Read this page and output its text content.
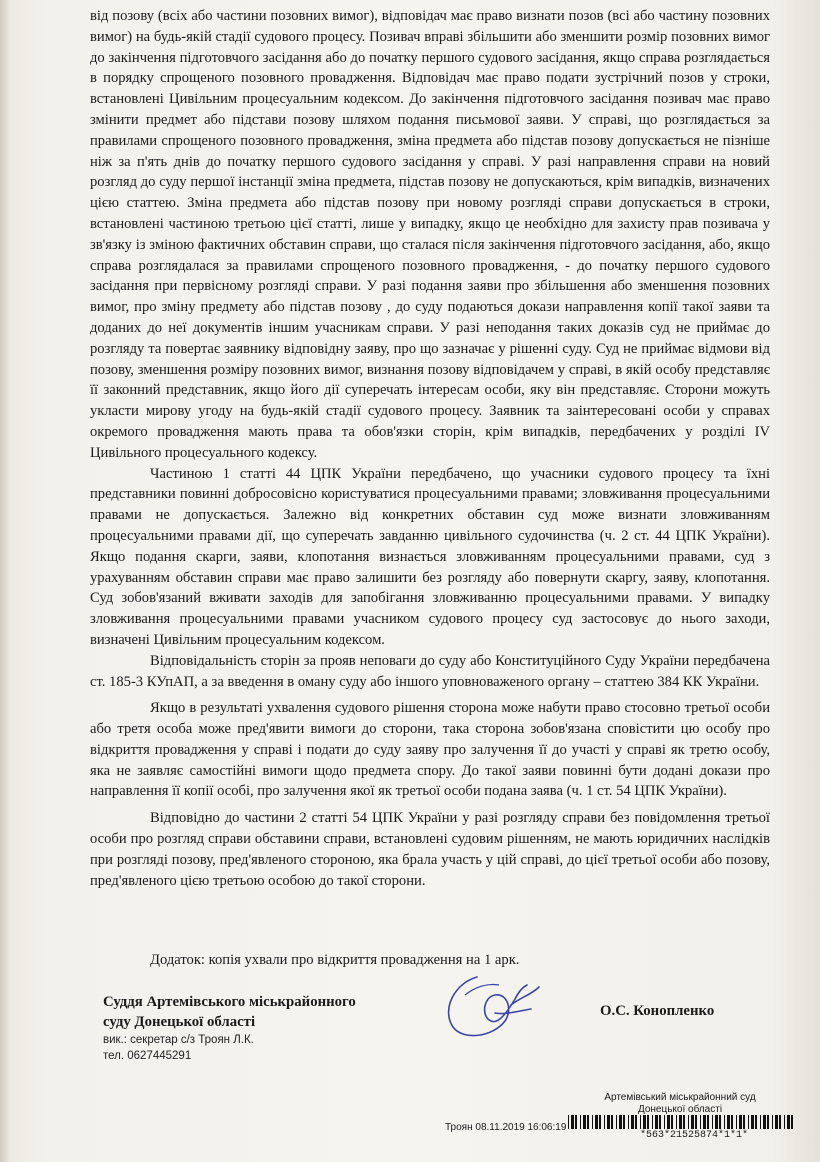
від позову (всіх або частини позовних вимог), відповідач має право визнати позов (всі або частину позовних вимог) на будь-якій стадії судового процесу. Позивач вправі збільшити або зменшити розмір позовних вимог до закінчення підготовчого засідання або до початку першого судового засідання, якщо справа розглядається в порядку спрощеного позовного провадження. Відповідач має право подати зустрічний позов у строки, встановлені Цивільним процесуальним кодексом. До закінчення підготовчого засідання позивач має право змінити предмет або підстави позову шляхом подання письмової заяви. У справі, що розглядається за правилами спрощеного позовного провадження, зміна предмета або підстав позову допускається не пізніше ніж за п'ять днів до початку першого судового засідання у справі. У разі направлення справи на новий розгляд до суду першої інстанції зміна предмета, підстав позову не допускаються, крім випадків, визначених цією статтею. Зміна предмета або підстав позову при новому розгляді справи допускається в строки, встановлені частиною третьою цієї статті, лише у випадку, якщо це необхідно для захисту прав позивача у зв'язку із зміною фактичних обставин справи, що сталася після закінчення підготовчого засідання, або, якщо справа розглядалася за правилами спрощеного позовного провадження, - до початку першого судового засідання при первісному розгляді справи. У разі подання заяви про збільшення або зменшення позовних вимог, про зміну предмету або підстав позову , до суду подаються докази направлення копії такої заяви та доданих до неї документів іншим учасникам справи. У разі неподання таких доказів суд не приймає до розгляду та повертає заявнику відповідну заяву, про що зазначає у рішенні суду. Суд не приймає відмови від позову, зменшення розміру позовних вимог, визнання позову відповідачем у справі, в якій особу представляє її законний представник, якщо його дії суперечать інтересам особи, яку він представляє. Сторони можуть укласти мирову угоду на будь-якій стадії судового процесу. Заявник та заінтересовані особи у справах окремого провадження мають права та обов'язки сторін, крім випадків, передбачених у розділі IV Цивільного процесуального кодексу.

Частиною 1 статті 44 ЦПК України передбачено, що учасники судового процесу та їхні представники повинні добросовісно користуватися процесуальними правами; зловживання процесуальними правами не допускається. Залежно від конкретних обставин суд може визнати зловживанням процесуальними правами дії, що суперечать завданню цивільного судочинства (ч. 2 ст. 44 ЦПК України). Якщо подання скарги, заяви, клопотання визнається зловживанням процесуальними правами, суд з урахуванням обставин справи має право залишити без розгляду або повернути скаргу, заяву, клопотання. Суд зобов'язаний вживати заходів для запобігання зловживанню процесуальними правами. У випадку зловживання процесуальними правами учасником судового процесу суд застосовує до нього заходи, визначені Цивільним процесуальним кодексом.

Відповідальність сторін за прояв неповаги до суду або Конституційного Суду України передбачена ст. 185-3 КУпАП, а за введення в оману суду або іншого уповноваженого органу – статтею 384 КК України.

Якщо в результаті ухвалення судового рішення сторона може набути право стосовно третьої особи або третя особа може пред'явити вимоги до сторони, така сторона зобов'язана сповістити цю особу про відкриття провадження у справі і подати до суду заяву про залучення її до участі у справі як третю особу, яка не заявляє самостійні вимоги щодо предмета спору. До такої заяви повинні бути додані докази про направлення її копії особі, про залучення якої як третьої особи подана заява (ч. 1 ст. 54 ЦПК України).

Відповідно до частини 2 статті 54 ЦПК України у разі розгляду справи без повідомлення третьої особи про розгляд справи обставини справи, встановлені судовим рішенням, не мають юридичних наслідків при розгляді позову, пред'явленого стороною, яка брала участь у цій справі, до цієї третьої особи або позову, пред'явленого цією третьою особою до такої сторони.

Додаток: копія ухвали про відкриття провадження на 1 арк.
Суддя Артемівського міськрайонного
суду Донецької області
вик.: секретар с/з Троян Л.К.
тел. 0627445291
О.С. Конопленко
Артемівський міськрайонний суд
Донецької області
Троян 08.11.2019 16:06:19
*563*21525874*1*1*
